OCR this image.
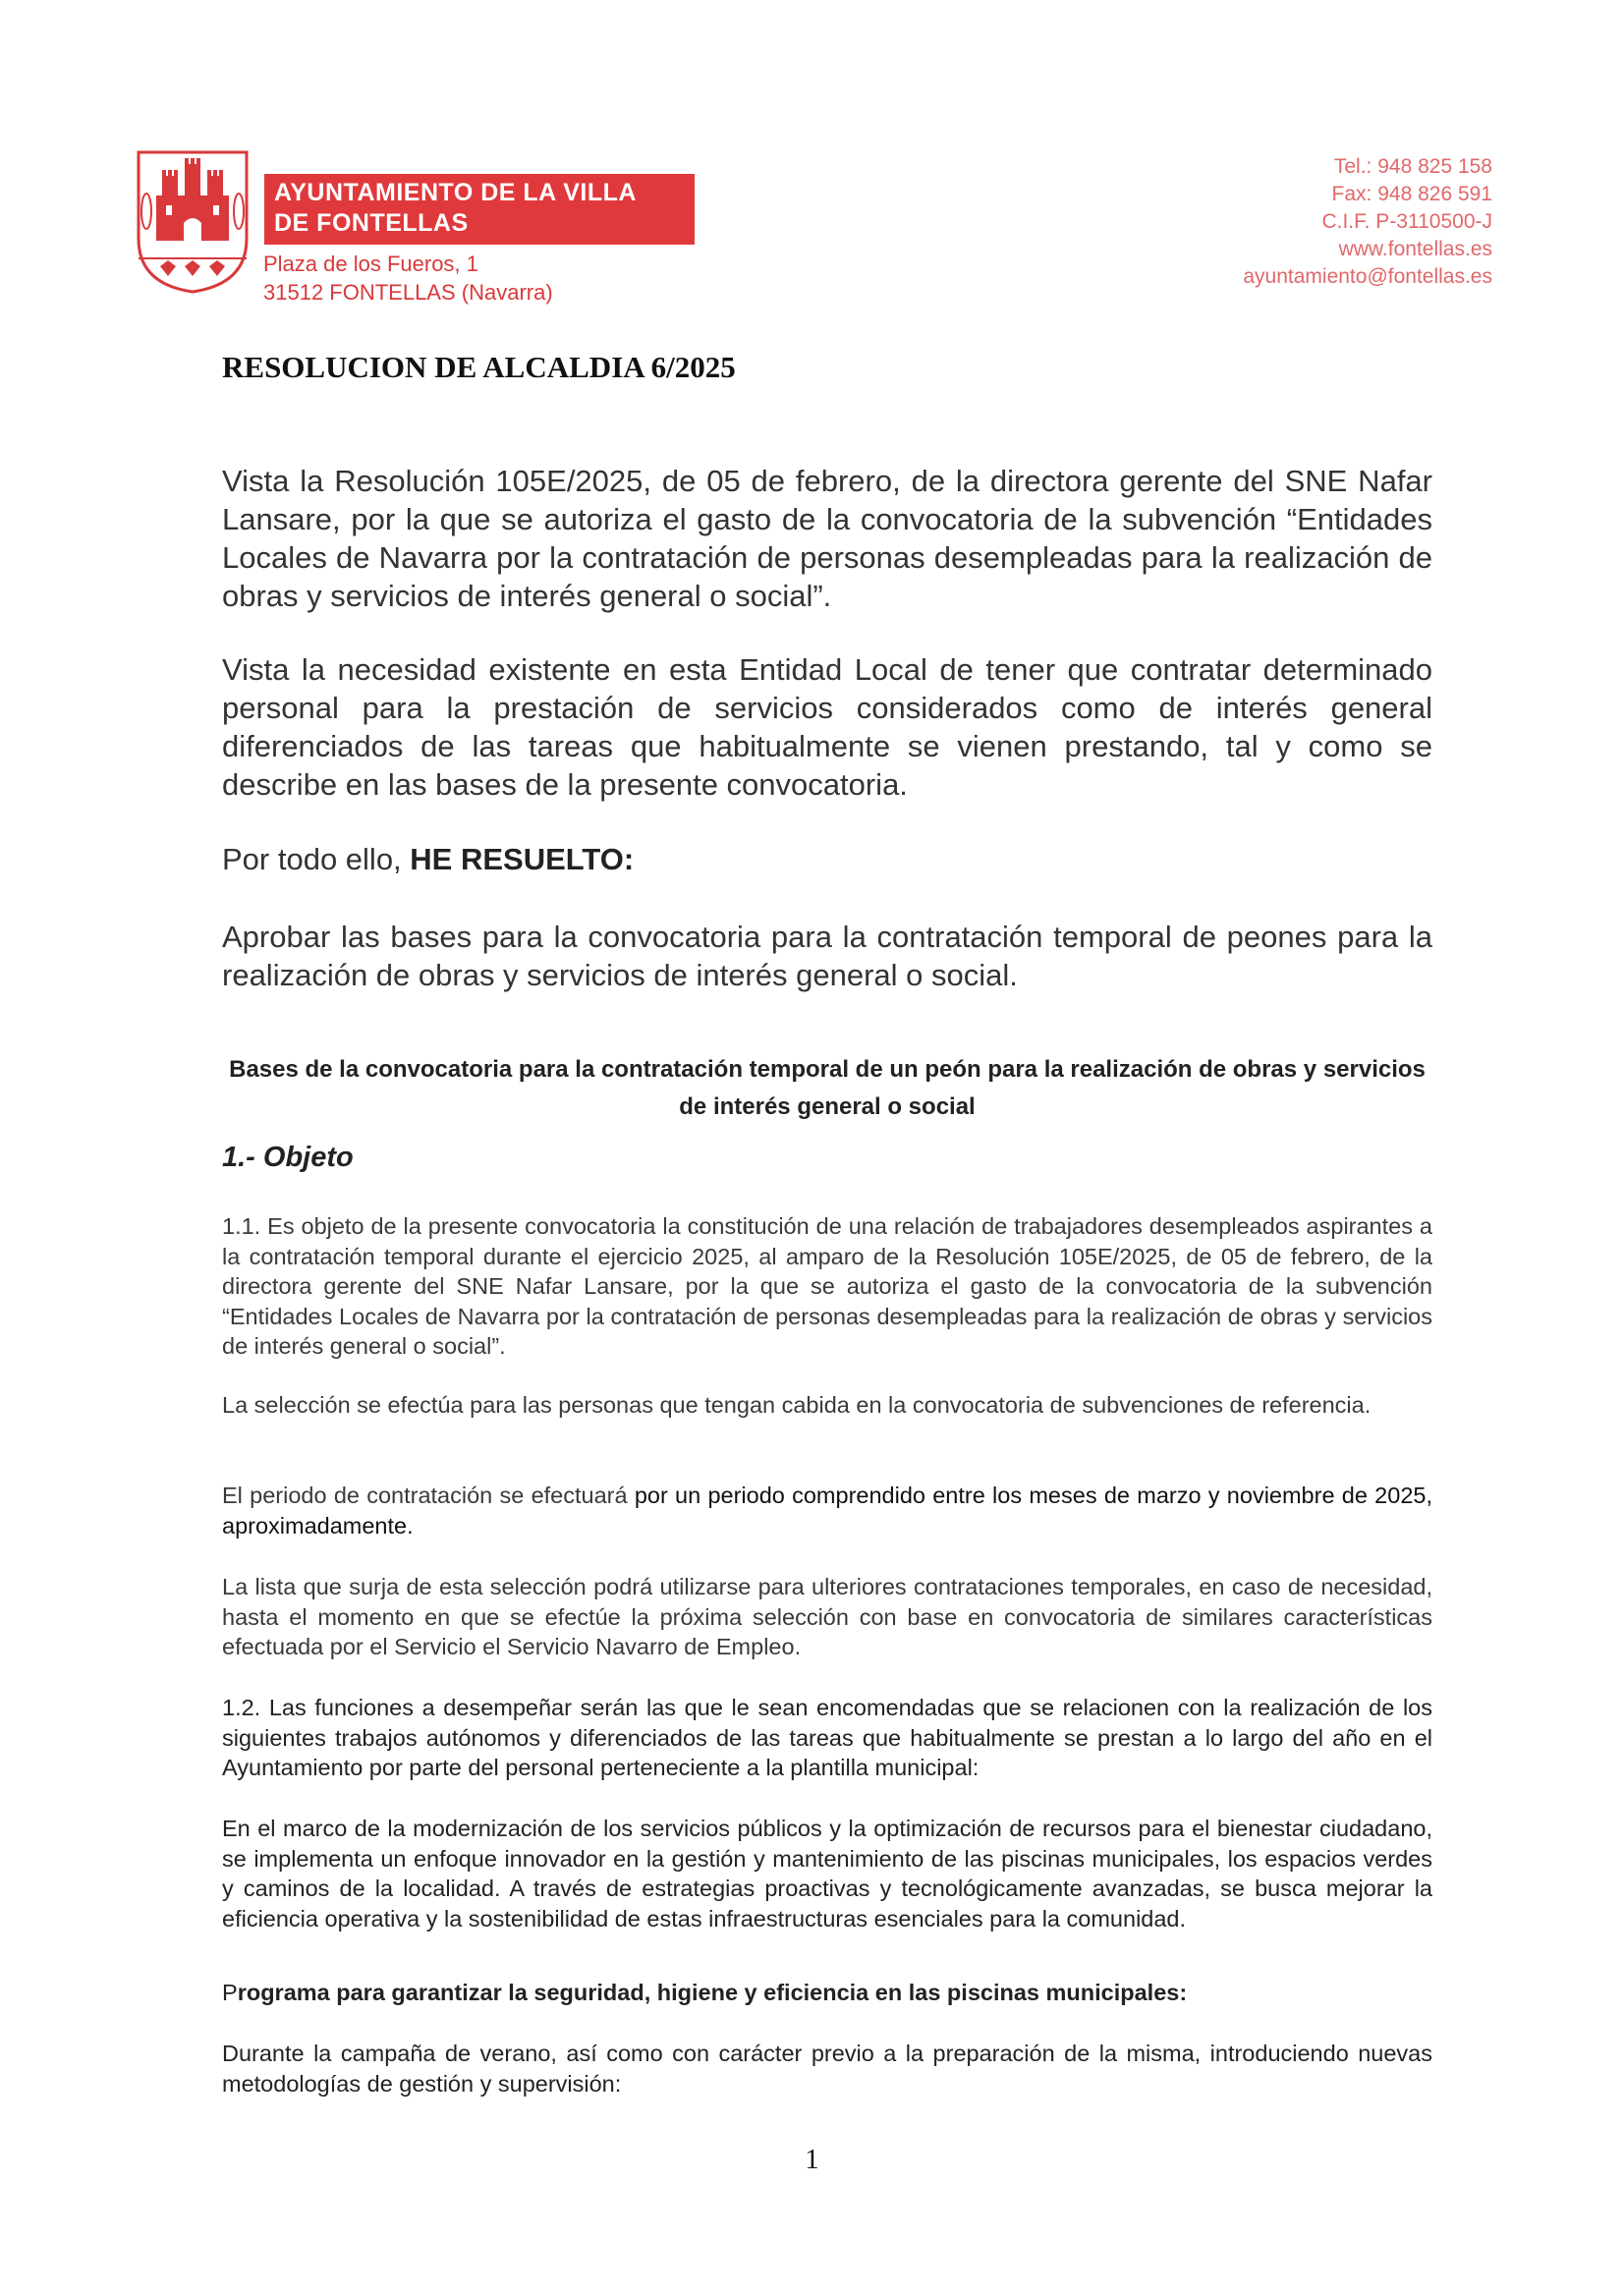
AYUNTAMIENTO DE LA VILLA
DE FONTELLAS
Plaza de los Fueros, 1
31512 FONTELLAS (Navarra)
Tel.: 948 825 158
Fax: 948 826 591
C.I.F. P-3110500-J
www.fontellas.es
ayuntamiento@fontellas.es
RESOLUCION DE ALCALDIA 6/2025

Vista la Resolución 105E/2025, de 05 de febrero, de la directora gerente del SNE Nafar Lansare, por la que se autoriza el gasto de la convocatoria de la subvención “Entidades Locales de Navarra por la contratación de personas desempleadas para la realización de obras y servicios de interés general o social”.

Vista la necesidad existente en esta Entidad Local de tener que contratar determinado personal para la prestación de servicios considerados como de interés general diferenciados de las tareas que habitualmente se vienen prestando, tal y como se describe en las bases de la presente convocatoria.

Por todo ello, HE RESUELTO:

Aprobar las bases para la convocatoria para la contratación temporal de peones para la realización de obras y servicios de interés general o social.

Bases de la convocatoria para la contratación temporal de un peón para la realización de obras y servicios de interés general o social
1.- Objeto

1.1. Es objeto de la presente convocatoria la constitución de una relación de trabajadores desempleados aspirantes a la contratación temporal durante el ejercicio 2025, al amparo de la Resolución 105E/2025, de 05 de febrero, de la directora gerente del SNE Nafar Lansare, por la que se autoriza el gasto de la convocatoria de la subvención “Entidades Locales de Navarra por la contratación de personas desempleadas para la realización de obras y servicios de interés general o social”.

La selección se efectúa para las personas que tengan cabida en la convocatoria de subvenciones de referencia.

El periodo de contratación se efectuará por un periodo comprendido entre los meses de marzo y noviembre de 2025, aproximadamente.

La lista que surja de esta selección podrá utilizarse para ulteriores contrataciones temporales, en caso de necesidad, hasta el momento en que se efectúe la próxima selección con base en convocatoria de similares características efectuada por el Servicio el Servicio Navarro de Empleo.

1.2. Las funciones a desempeñar serán las que le sean encomendadas que se relacionen con la realización de los siguientes trabajos autónomos y diferenciados de las tareas que habitualmente se prestan a lo largo del año en el Ayuntamiento por parte del personal perteneciente a la plantilla municipal:

En el marco de la modernización de los servicios públicos y la optimización de recursos para el bienestar ciudadano, se implementa un enfoque innovador en la gestión y mantenimiento de las piscinas municipales, los espacios verdes y caminos de la localidad. A través de estrategias proactivas y tecnológicamente avanzadas, se busca mejorar la eficiencia operativa y la sostenibilidad de estas infraestructuras esenciales para la comunidad.

Programa para garantizar la seguridad, higiene y eficiencia en las piscinas municipales:

Durante la campaña de verano, así como con carácter previo a la preparación de la misma, introduciendo nuevas metodologías de gestión y supervisión:

1
